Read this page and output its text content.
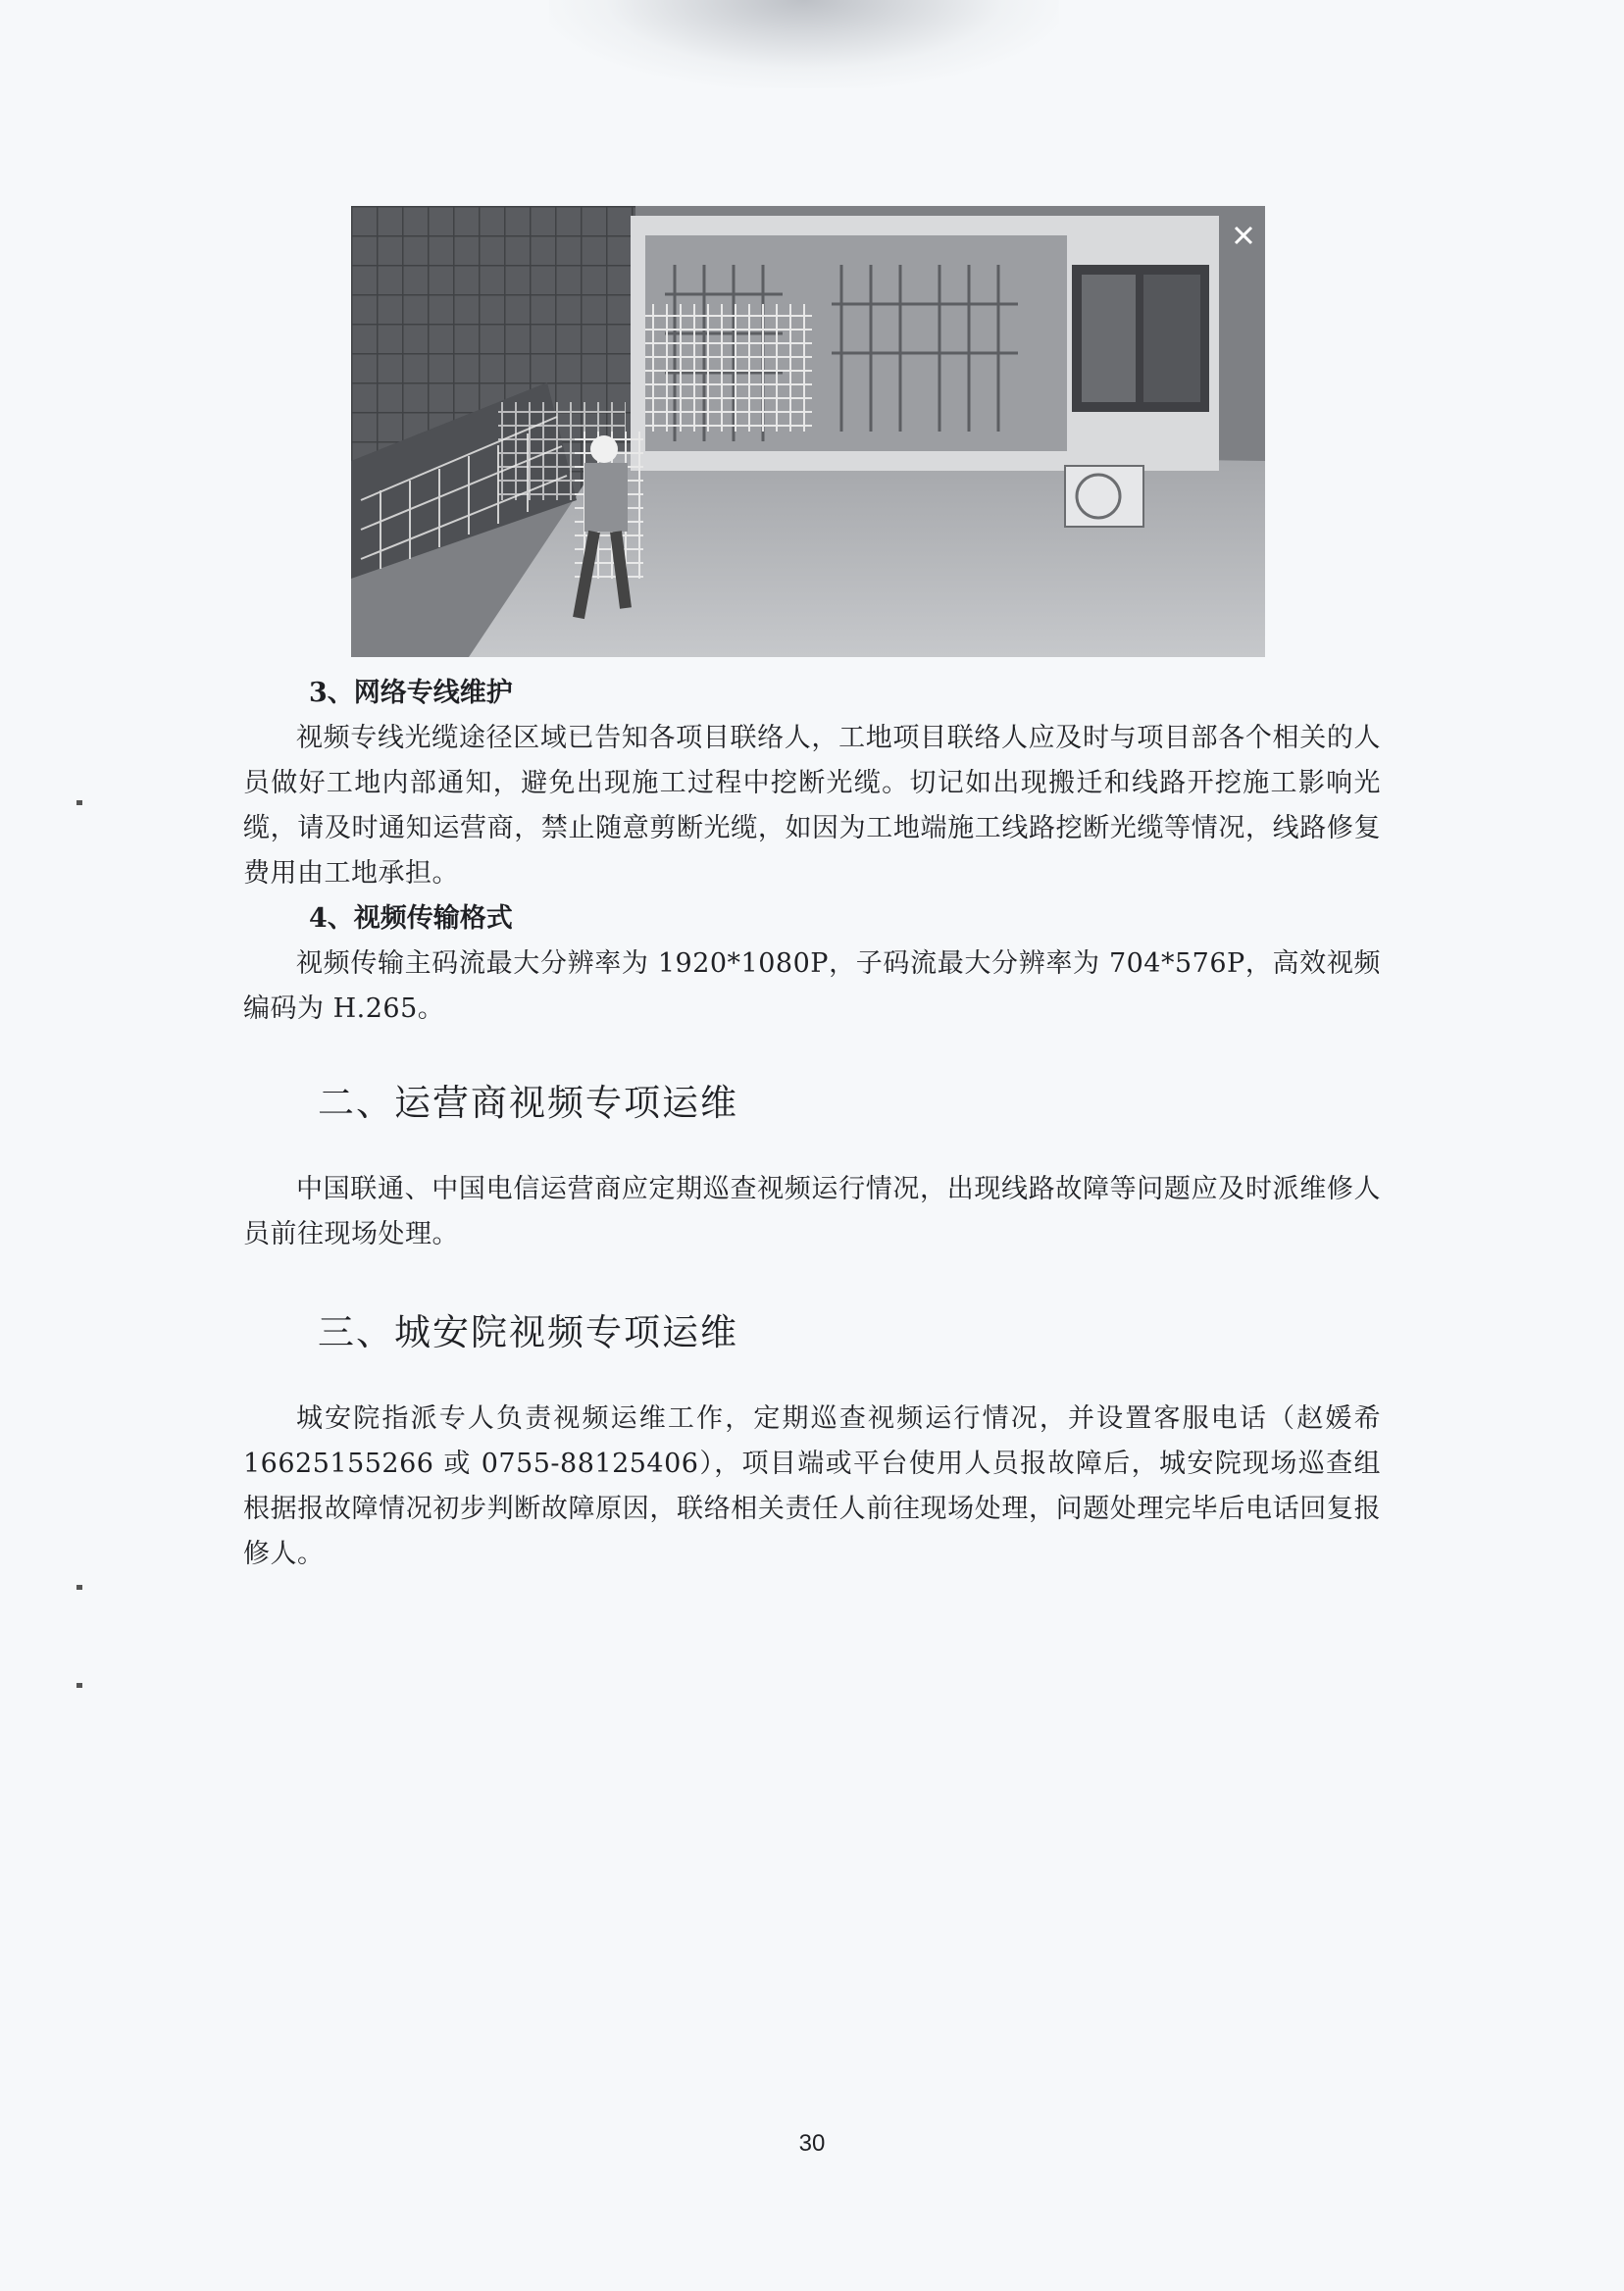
3、网络专线维护

视频专线光缆途径区域已告知各项目联络人，工地项目联络人应及时与项目部各个相关的人员做好工地内部通知，避免出现施工过程中挖断光缆。切记如出现搬迁和线路开挖施工影响光缆，请及时通知运营商，禁止随意剪断光缆，如因为工地端施工线路挖断光缆等情况，线路修复费用由工地承担。

4、视频传输格式

视频传输主码流最大分辨率为 1920*1080P，子码流最大分辨率为 704*576P，高效视频编码为 H.265。

二、运营商视频专项运维

中国联通、中国电信运营商应定期巡查视频运行情况，出现线路故障等问题应及时派维修人员前往现场处理。

三、城安院视频专项运维

城安院指派专人负责视频运维工作，定期巡查视频运行情况，并设置客服电话（赵媛希 16625155266 或 0755-88125406），项目端或平台使用人员报故障后，城安院现场巡查组根据报故障情况初步判断故障原因，联络相关责任人前往现场处理，问题处理完毕后电话回复报修人。

30
